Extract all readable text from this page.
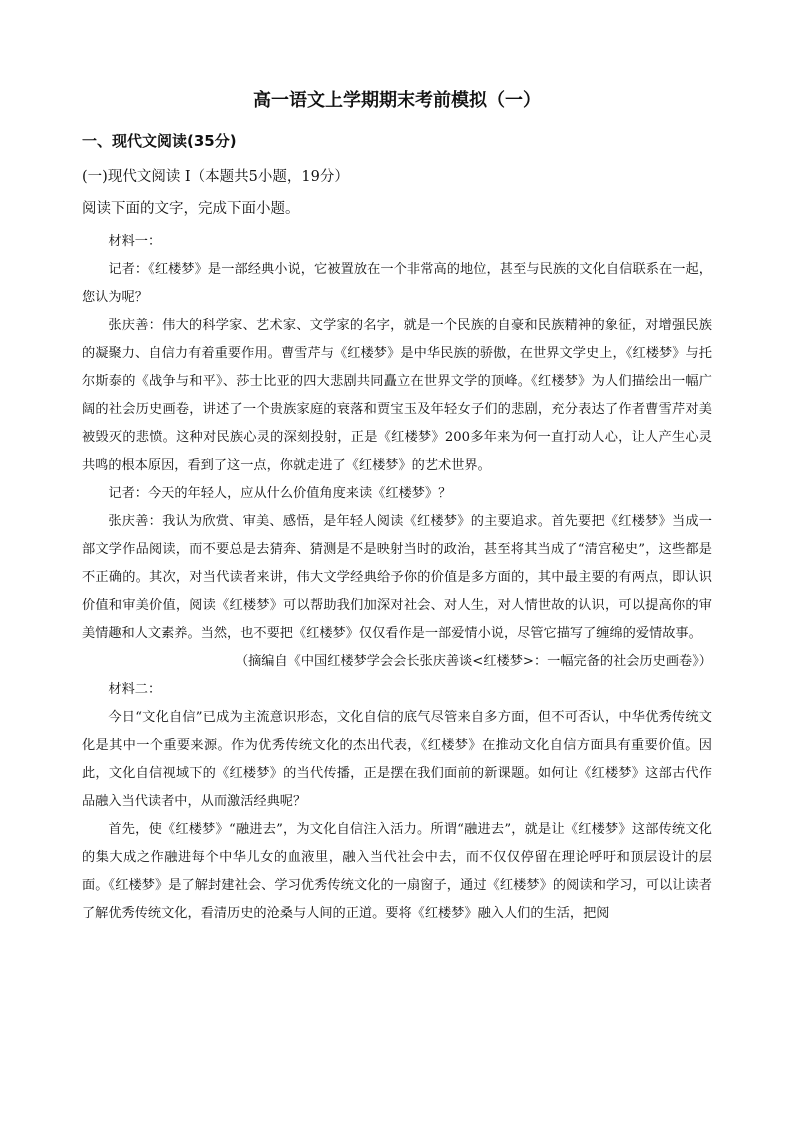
高一语文上学期期末考前模拟（一）
一、现代文阅读(35分)
(一)现代文阅读 I（本题共5小题，19分）
阅读下面的文字，完成下面小题。

材料一：

记者：《红楼梦》是一部经典小说，它被置放在一个非常高的地位，甚至与民族的文化自信联系在一起，您认为呢？

张庆善：伟大的科学家、艺术家、文学家的名字，就是一个民族的自豪和民族精神的象征，对增强民族的凝聚力、自信力有着重要作用。曹雪芹与《红楼梦》是中华民族的骄傲，在世界文学史上，《红楼梦》与托尔斯泰的《战争与和平》、莎士比亚的四大悲剧共同矗立在世界文学的顶峰。《红楼梦》为人们描绘出一幅广阔的社会历史画卷，讲述了一个贵族家庭的衰落和贾宝玉及年轻女子们的悲剧，充分表达了作者曹雪芹对美被毁灭的悲愤。这种对民族心灵的深刻投射，正是《红楼梦》200多年来为何一直打动人心，让人产生心灵共鸣的根本原因，看到了这一点，你就走进了《红楼梦》的艺术世界。

记者：今天的年轻人，应从什么价值角度来读《红楼梦》？

张庆善：我认为欣赏、审美、感悟，是年轻人阅读《红楼梦》的主要追求。首先要把《红楼梦》当成一部文学作品阅读，而不要总是去猜奔、猜测是不是映射当时的政治，甚至将其当成了“清宫秘史”，这些都是不正确的。其次，对当代读者来讲，伟大文学经典给予你的价值是多方面的，其中最主要的有两点，即认识价值和审美价值，阅读《红楼梦》可以帮助我们加深对社会、对人生，对人情世故的认识，可以提高你的审美情趣和人文素养。当然，也不要把《红楼梦》仅仅看作是一部爱情小说，尽管它描写了缠绵的爱情故事。

（摘编自《中国红楼梦学会会长张庆善谈<红楼梦>：一幅完备的社会历史画卷》）

材料二：

今日“文化自信”已成为主流意识形态，文化自信的底气尽管来自多方面，但不可否认，中华优秀传统文化是其中一个重要来源。作为优秀传统文化的杰出代表，《红楼梦》在推动文化自信方面具有重要价值。因此，文化自信视域下的《红楼梦》的当代传播，正是摆在我们面前的新课题。如何让《红楼梦》这部古代作品融入当代读者中，从而激活经典呢？

首先，使《红楼梦》“融进去”，为文化自信注入活力。所谓“融进去”，就是让《红楼梦》这部传统文化的集大成之作融进每个中华儿女的血液里，融入当代社会中去，而不仅仅停留在理论呼吁和顶层设计的层面。《红楼梦》是了解封建社会、学习优秀传统文化的一扇窗子，通过《红楼梦》的阅读和学习，可以让读者了解优秀传统文化，看清历史的沧桑与人间的正道。要将《红楼梦》融入人们的生活，把阅
